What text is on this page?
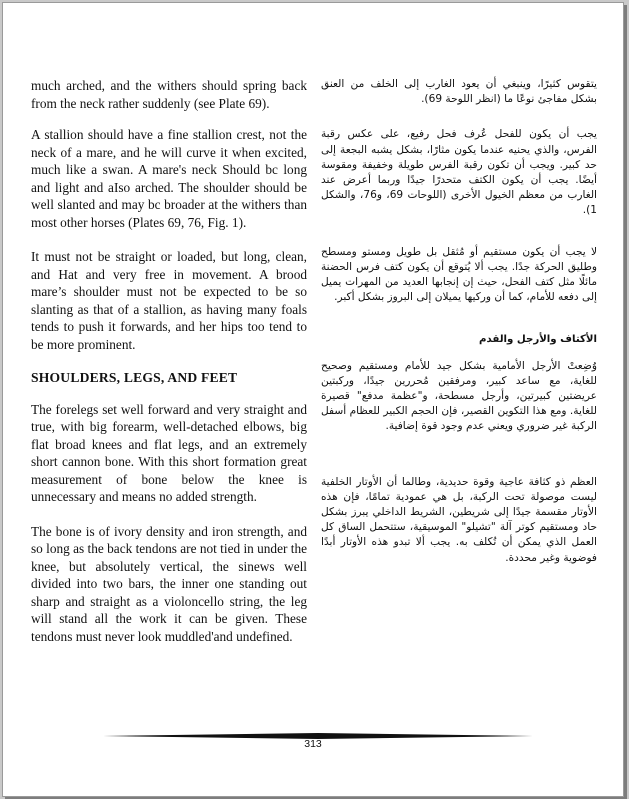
much arched, and the withers should spring back from the neck rather suddenly (see Plate 69).

A stallion should have a fine stallion crest, not the neck of a mare, and he will curve it when excited, much like a swan. A mare's neck Should bc long and light and aIso arched. The shoulder should be well slanted and may bc broader at the withers than most other horses (Plates 69, 76, Fig. 1).

It must not be straight or loaded, but long, clean, and Hat and very free in movement. A brood mare’s shoulder must not be expected to be so slanting as that of a stallion, as having many foals tends to push it forwards, and her hips too tend to be more prominent.

SHOULDERS, LEGS, AND FEET

The forelegs set well forward and very straight and true, with big forearm, well-detached elbows, big flat broad knees and flat legs, and an extremely short cannon bone. With this short formation great measurement of bone below the knee is unnecessary and means no added strength.

The bone is of ivory density and iron strength, and so long as the back tendons are not tied in under the knee, but absolutely vertical, the sinews well divided into two bars, the inner one standing out sharp and straight as a violoncello string, the leg will stand all the work it can be given. These tendons must never look muddled'and undefined.

يتقوس كثيرًا، وينبغي أن يعود الغارب إلى الخلف من العنق بشكل مفاجئ نوعًا ما (انظر اللوحة 69).

يجب أن يكون للفحل عُرف فحل رفيع، على عكس رقبة الفرس، والذي يحنيه عندما يكون مثارًا، بشكل يشبه البجعة إلى حد كبير. ويجب أن تكون رقبة الفرس طويلة وخفيفة ومقوسة أيضًا. يجب أن يكون الكتف متحدرًا جيدًا وربما أعرض عند الغارب من معظم الخيول الأخرى (اللوحات 69، و76، والشكل 1).

لا يجب أن يكون مستقيم أو مُثقل بل طويل ومستو ومسطح وطليق الحركة جدًا. يجب ألا يُتوقع أن يكون كتف فرس الحضنة مائلًا مثل كتف الفحل، حيث إن إنجابها العديد من المهرات يميل إلى دفعه للأمام، كما أن وركيها يميلان إلى البروز بشكل أكبر.

الأكتاف والأرجل والقدم

وُضِعتْ الأرجل الأمامية بشكل جيد للأمام ومستقيم وصحيح للغاية، مع ساعد كبير، ومرفقين مُحررين جيدًا، وركبتين عريضتين كبيرتين، وأرجل مسطحة، و"عظمة مدفع" قصيرة للغاية. ومع هذا التكوين القصير، فإن الحجم الكبير للعظام أسفل الركبة غير ضروري ويعني عدم وجود قوة إضافية.

العظم ذو كثافة عاجية وقوة حديدية، وطالما أن الأوتار الخلفية ليست موصولة تحت الركبة، بل هي عمودية تمامًا، فإن هذه الأوتار مقسمة جيدًا إلى شريطين، الشريط الداخلي يبرز بشكل حاد ومستقيم كوتر آلة "تشيلو" الموسيقية، ستتحمل الساق كل العمل الذي يمكن أن تُكلف به. يجب ألا تبدو هذه الأوتار أبدًا فوضوية وغير محددة.

313
